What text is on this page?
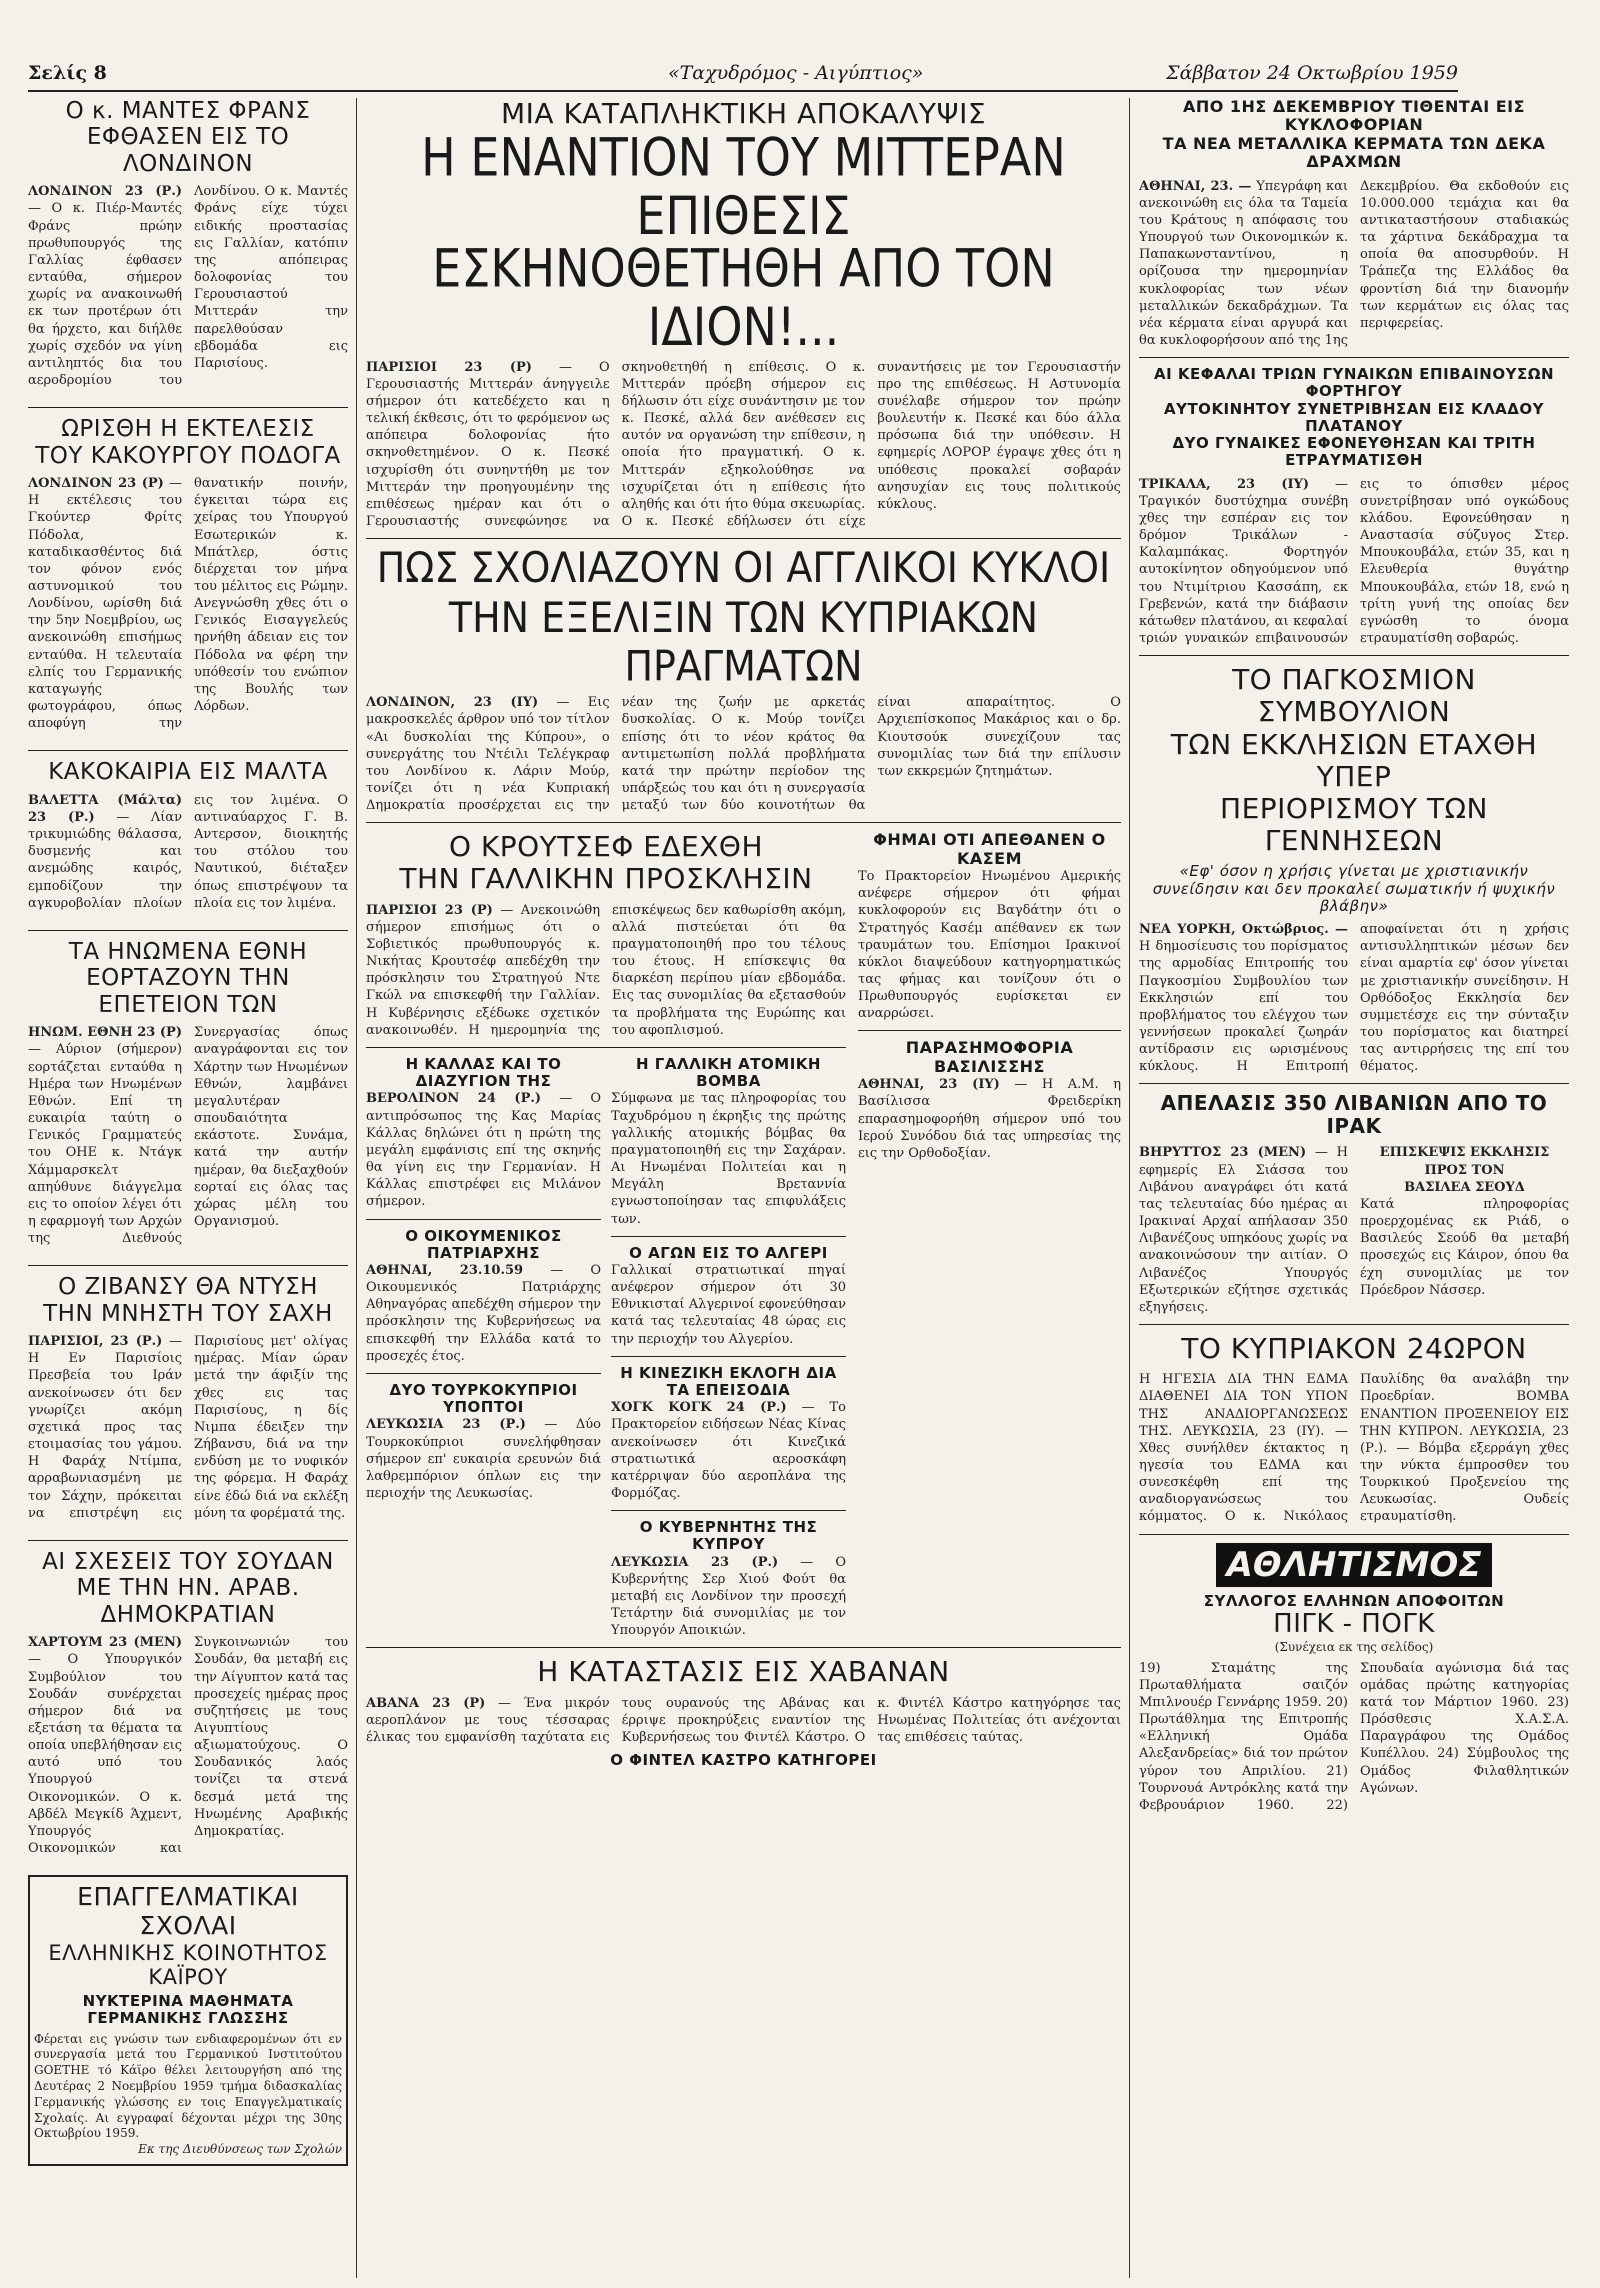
Σελίς 8	«Ταχυδρόμος - Αιγύπτιος»	Σάββατον 24 Οκτωβρίου 1959
Ο κ. ΜΑΝΤΕΣ ΦΡΑΝΣ
ΕΦΘΑΣΕΝ ΕΙΣ ΤΟ ΛΟΝΔΙΝΟΝ
ΛΟΝΔΙΝΟΝ 23 (Ρ.) — Ο κ. Πιέρ-Μαντές Φράνς πρώην πρωθυπουργός της Γαλλίας έφθασεν ενταύθα, σήμερον χωρίς να ανακοινωθή εκ των προτέρων ότι θα ήρχετο, και διήλθε χωρίς σχεδόν να γίνη αντιληπτός δια του αεροδρομίου του Λονδίνου. Ο κ. Μαντές Φράνς είχε τύχει ειδικής προστασίας εις Γαλλίαν, κατόπιν της απόπειρας δολοφονίας του Γερουσιαστού Μιττεράν την παρελθούσαν εβδομάδα εις Παρισίους.
ΩΡΙΣΘΗ Η ΕΚΤΕΛΕΣΙΣ
ΤΟΥ ΚΑΚΟΥΡΓΟΥ ΠΟΔΟΓΑ
ΛΟΝΔΙΝΟΝ 23 (Ρ) — Η εκτέλεσις του Γκούντερ Φρίτς Πόδολα, καταδικασθέντος διά τον φόνον ενός αστυνομικού του Λονδίνου, ωρίσθη διά την 5ην Νοεμβρίου, ως ανεκοινώθη επισήμως ενταύθα. Η τελευταία ελπίς του Γερμανικής καταγωγής φωτογράφου, όπως αποφύγη την θανατικήν ποινήν, έγκειται τώρα εις χείρας του Υπουργού Εσωτερικών κ. Μπάτλερ, όστις διέρχεται τον μήνα του μέλιτος εις Ρώμην. Ανεγνώσθη χθες ότι ο Γενικός Εισαγγελεύς ηρνήθη άδειαν εις τον Πόδολα να φέρη την υπόθεσίν του ενώπιον της Βουλής των Λόρδων.
ΚΑΚΟΚΑΙΡΙΑ ΕΙΣ ΜΑΛΤΑ
ΒΑΛΕΤΤΑ (Μάλτα) 23 (Ρ.) — Λίαν τρικυμιώδης θάλασσα, δυσμενής και ανεμώδης καιρός, εμποδίζουν την αγκυροβολίαν πλοίων εις τον λιμένα. Ο αντιναύαρχος Γ. Β. Αντερσον, διοικητής του στόλου του Ναυτικού, διέταξεν όπως επιστρέψουν τα πλοία εις τον λιμένα.
ΤΑ ΗΝΩΜΕΝΑ ΕΘΝΗ
ΕΟΡΤΑΖΟΥΝ ΤΗΝ ΕΠΕΤΕΙΟΝ ΤΩΝ
ΗΝΩΜ. ΕΘΝΗ 23 (Ρ) — Αύριον (σήμερον) εορτάζεται ενταύθα η Ημέρα των Ηνωμένων Εθνών. Επί τη ευκαιρία ταύτη ο Γενικός Γραμματεύς του ΟΗΕ κ. Ντάγκ Χάμμαρσκελτ απηύθυνε διάγγελμα εις το οποίον λέγει ότι η εφαρμογή των Αρχών της Διεθνούς Συνεργασίας όπως αναγράφονται εις τον Χάρτην των Ηνωμένων Εθνών, λαμβάνει μεγαλυτέραν σπουδαιότητα εκάστοτε. Συνάμα, κατά την αυτήν ημέραν, θα διεξαχθούν εορταί εις όλας τας χώρας μέλη του Οργανισμού.
Ο ΖΙΒΑΝΣΥ ΘΑ ΝΤΥΣΗ
ΤΗΝ ΜΝΗΣΤΗ ΤΟΥ ΣΑΧΗ
ΠΑΡΙΣΙΟΙ, 23 (Ρ.) — Η Εν Παρισίοις Πρεσβεία του Ιράν ανεκοίνωσεν ότι δεν γνωρίζει ακόμη σχετικά προς τας ετοιμασίας του γάμου. Η Φαράχ Ντίμπα, αρραβωνιασμένη με τον Σάχην, πρόκειται να επιστρέψη εις Παρισίους μετ' ολίγας ημέρας. Μίαν ώραν μετά την άφιξίν της χθες εις τας Παρισίους, η δίς Νιμπα έδειξεν την Ζήβανσυ, διά να την ενδύση με το νυφικόν της φόρεμα. Η Φαράχ είνε έδώ διά να εκλέξη μόνη τα φορέματά της.
ΑΙ ΣΧΕΣΕΙΣ ΤΟΥ ΣΟΥΔΑΝ
ΜΕ ΤΗΝ ΗΝ. ΑΡΑΒ. ΔΗΜΟΚΡΑΤΙΑΝ
ΧΑΡΤΟΥΜ 23 (ΜΕΝ) — Ο Υπουργικόν Συμβούλιον του Σουδάν συνέρχεται σήμερον διά να εξετάση τα θέματα τα οποία υπεβλήθησαν εις αυτό υπό του Υπουργού Οικονομικών. Ο κ. Αβδέλ Μεγκίδ Άχμεντ, Υπουργός Οικονομικών και Συγκοινωνιών του Σουδάν, θα μεταβή εις την Αίγυπτον κατά τας προσεχείς ημέρας προς συζητήσεις με τους Αιγυπτίους αξιωματούχους. Ο Σουδανικός λαός τονίζει τα στενά δεσμά μετά της Ηνωμένης Αραβικής Δημοκρατίας.
ΕΠΑΓΓΕΛΜΑΤΙΚΑΙ ΣΧΟΛΑΙ
ΕΛΛΗΝΙΚΗΣ ΚΟΙΝΟΤΗΤΟΣ ΚΑΪΡΟΥ
ΝΥΚΤΕΡΙΝΑ ΜΑΘΗΜΑΤΑ ΓΕΡΜΑΝΙΚΗΣ ΓΛΩΣΣΗΣ
Φέρεται εις γνώσιν των ενδιαφερομένων ότι εν συνεργασία μετά του Γερμανικού Ινστιτούτου GOETHE τό Κάϊρο θέλει λειτουργήση από της Δευτέρας 2 Νοεμβρίου 1959 τμήμα διδασκαλίας Γερμανικής γλώσσης εν τοις Επαγγελματικαίς Σχολαίς. Αι εγγραφαί δέχονται μέχρι της 30ης Οκτωβρίου 1959.
Εκ της Διευθύνσεως των Σχολών
ΜΙΑ ΚΑΤΑΠΛΗΚΤΙΚΗ ΑΠΟΚΑΛΥΨΙΣ
Η ΕΝΑΝΤΙΟΝ ΤΟΥ ΜΙΤΤΕΡΑΝ ΕΠΙΘΕΣΙΣ
ΕΣΚΗΝΟΘΕΤΗΘΗ ΑΠΟ ΤΟΝ ΙΔΙΟΝ!...
ΠΑΡΙΣΙΟΙ 23 (Ρ) — Ο Γερουσιαστής Μιττεράν άνηγγειλε σήμερον ότι κατεδέχετο και η τελική έκθεσις, ότι το φερόμενον ως απόπειρα δολοφονίας ήτο σκηνοθετημένον. Ο κ. Πεσκέ ισχυρίσθη ότι συνηντήθη με τον Μιττεράν την προηγουμένην της επιθέσεως ημέραν και ότι ο Γερουσιαστής συνεφώνησε να σκηνοθετηθή η επίθεσις. Ο κ. Μιττεράν πρόεβη σήμερον εις δήλωσιν ότι είχε συνάντησιν με τον κ. Πεσκέ, αλλά δεν ανέθεσεν εις αυτόν να οργανώση την επίθεσιν, η οποία ήτο πραγματική. Ο κ. Μιττεράν εξηκολούθησε να ισχυρίζεται ότι η επίθεσις ήτο αληθής και ότι ήτο θύμα σκευωρίας. Ο κ. Πεσκέ εδήλωσεν ότι είχε συναντήσεις με τον Γερουσιαστήν προ της επιθέσεως. Η Αστυνομία συνέλαβε σήμερον τον πρώην βουλευτήν κ. Πεσκέ και δύο άλλα πρόσωπα διά την υπόθεσιν. Η εφημερίς ΛΟΡΟΡ έγραψε χθες ότι η υπόθεσις προκαλεί σοβαράν ανησυχίαν εις τους πολιτικούς κύκλους.
ΠΩΣ ΣΧΟΛΙΑΖΟΥΝ ΟΙ ΑΓΓΛΙΚΟΙ ΚΥΚΛΟΙ
ΤΗΝ ΕΞΕΛΙΞΙΝ ΤΩΝ ΚΥΠΡΙΑΚΩΝ ΠΡΑΓΜΑΤΩΝ
ΛΟΝΔΙΝΟΝ, 23 (ΙΥ) — Εις μακροσκελές άρθρον υπό τον τίτλον «Αι δυσκολίαι της Κύπρου», ο συνεργάτης του Ντέιλι Τελέγκραφ του Λονδίνου κ. Λάριν Μούρ, τονίζει ότι η νέα Κυπριακή Δημοκρατία προσέρχεται εις την νέαν της ζωήν με αρκετάς δυσκολίας. Ο κ. Μούρ τονίζει επίσης ότι το νέον κράτος θα αντιμετωπίση πολλά προβλήματα κατά την πρώτην περίοδον της υπάρξεώς του και ότι η συνεργασία μεταξύ των δύο κοινοτήτων θα είναι απαραίτητος. Ο Αρχιεπίσκοπος Μακάριος και ο δρ. Κιουτσούκ συνεχίζουν τας συνομιλίας των διά την επίλυσιν των εκκρεμών ζητημάτων.
Ο ΚΡΟΥΤΣΕΦ ΕΔΕΧΘΗ
ΤΗΝ ΓΑΛΛΙΚΗΝ ΠΡΟΣΚΛΗΣΙΝ
ΠΑΡΙΣΙΟΙ 23 (Ρ) — Ανεκοινώθη σήμερον επισήμως ότι ο Σοβιετικός πρωθυπουργός κ. Νικήτας Κρουτσέφ απεδέχθη την πρόσκλησιν του Στρατηγού Ντε Γκώλ να επισκεφθή την Γαλλίαν. Η Κυβέρνησις εξέδωκε σχετικόν ανακοινωθέν. Η ημερομηνία της επισκέψεως δεν καθωρίσθη ακόμη, αλλά πιστεύεται ότι θα πραγματοποιηθή προ του τέλους του έτους. Η επίσκεψις θα διαρκέση περίπου μίαν εβδομάδα. Εις τας συνομιλίας θα εξετασθούν τα προβλήματα της Ευρώπης και του αφοπλισμού.
Η ΚΑΛΛΑΣ ΚΑΙ ΤΟ ΔΙΑΖΥΓΙΟΝ ΤΗΣ
ΒΕΡΟΛΙΝΟΝ 24 (Ρ.) — Ο αντιπρόσωπος της Κας Μαρίας Κάλλας δηλώνει ότι η πρώτη της μεγάλη εμφάνισις επί της σκηνής θα γίνη εις την Γερμανίαν. Η Κάλλας επιστρέφει εις Μιλάνον σήμερον.
Ο ΟΙΚΟΥΜΕΝΙΚΟΣ ΠΑΤΡΙΑΡΧΗΣ
ΑΘΗΝΑΙ, 23.10.59 — Ο Οικουμενικός Πατριάρχης Αθηναγόρας απεδέχθη σήμερον την πρόσκλησιν της Κυβερνήσεως να επισκεφθή την Ελλάδα κατά το προσεχές έτος.
ΔΥΟ ΤΟΥΡΚΟΚΥΠΡΙΟΙ ΥΠΟΠΤΟΙ
ΛΕΥΚΩΣΙΑ 23 (Ρ.) — Δύο Τουρκοκύπριοι συνελήφθησαν σήμερον επ' ευκαιρία ερευνών διά λαθρεμπόριον όπλων εις την περιοχήν της Λευκωσίας.
Η ΓΑΛΛΙΚΗ ΑΤΟΜΙΚΗ ΒΟΜΒΑ
Σύμφωνα με τας πληροφορίας του Ταχυδρόμου η έκρηξις της πρώτης γαλλικής ατομικής βόμβας θα πραγματοποιηθή εις την Σαχάραν. Αι Ηνωμέναι Πολιτείαι και η Μεγάλη Βρεταννία εγνωστοποίησαν τας επιφυλάξεις των.
Ο ΑΓΩΝ ΕΙΣ ΤΟ ΑΛΓΕΡΙ
Γαλλικαί στρατιωτικαί πηγαί ανέφερον σήμερον ότι 30 Εθνικισταί Αλγερινοί εφονεύθησαν κατά τας τελευταίας 48 ώρας εις την περιοχήν του Αλγερίου.
Η ΚΙΝΕΖΙΚΗ ΕΚΛΟΓΗ ΔΙΑ ΤΑ ΕΠΕΙΣΟΔΙΑ
ΧΟΓΚ ΚΟΓΚ 24 (Ρ.) — Το Πρακτορείον ειδήσεων Νέας Κίνας ανεκοίνωσεν ότι Κινεζικά στρατιωτικά αεροσκάφη κατέρριψαν δύο αεροπλάνα της Φορμόζας.
Ο ΚΥΒΕΡΝΗΤΗΣ ΤΗΣ ΚΥΠΡΟΥ
ΛΕΥΚΩΣΙΑ 23 (Ρ.) — Ο Κυβερνήτης Σερ Χιού Φούτ θα μεταβή εις Λονδίνον την προσεχή Τετάρτην διά συνομιλίας με τον Υπουργόν Αποικιών.
ΦΗΜΑΙ ΟΤΙ ΑΠΕΘΑΝΕΝ Ο ΚΑΣΕΜ
Το Πρακτορείον Ηνωμένου Αμερικής ανέφερε σήμερον ότι φήμαι κυκλοφορούν εις Βαγδάτην ότι ο Στρατηγός Κασέμ απέθανεν εκ των τραυμάτων του. Επίσημοι Ιρακινοί κύκλοι διαψεύδουν κατηγορηματικώς τας φήμας και τονίζουν ότι ο Πρωθυπουργός ευρίσκεται εν αναρρώσει.
ΠΑΡΑΣΗΜΟΦΟΡΙΑ ΒΑΣΙΛΙΣΣΗΣ
ΑΘΗΝΑΙ, 23 (ΙΥ) — Η Α.Μ. η Βασίλισσα Φρειδερίκη επαρασημοφορήθη σήμερον υπό του Ιερού Συνόδου διά τας υπηρεσίας της εις την Ορθοδοξίαν.
Η ΚΑΤΑΣΤΑΣΙΣ ΕΙΣ ΧΑΒΑΝΑΝ
ΑΒΑΝΑ 23 (Ρ) — Ένα μικρόν αεροπλάνον με τους τέσσαρας έλικας του εμφανίσθη ταχύτατα εις τους ουρανούς της Αβάνας και έρριψε προκηρύξεις εναντίον της Κυβερνήσεως του Φιντέλ Κάστρο. Ο κ. Φιντέλ Κάστρο κατηγόρησε τας Ηνωμένας Πολιτείας ότι ανέχονται τας επιθέσεις ταύτας.
Ο ΦΙΝΤΕΛ ΚΑΣΤΡΟ ΚΑΤΗΓΟΡΕΙ
ΑΠΟ 1ΗΣ ΔΕΚΕΜΒΡΙΟΥ ΤΙΘΕΝΤΑΙ ΕΙΣ ΚΥΚΛΟΦΟΡΙΑΝ
ΤΑ ΝΕΑ ΜΕΤΑΛΛΙΚΑ ΚΕΡΜΑΤΑ ΤΩΝ ΔΕΚΑ ΔΡΑΧΜΩΝ
ΑΘΗΝΑΙ, 23. — Υπεγράφη και ανεκοινώθη εις όλα τα Ταμεία του Κράτους η απόφασις του Υπουργού των Οικονομικών κ. Παπακωνσταντίνου, η ορίζουσα την ημερομηνίαν κυκλοφορίας των νέων μεταλλικών δεκαδράχμων. Τα νέα κέρματα είναι αργυρά και θα κυκλοφορήσουν από της 1ης Δεκεμβρίου. Θα εκδοθούν εις 10.000.000 τεμάχια και θα αντικαταστήσουν σταδιακώς τα χάρτινα δεκάδραχμα τα οποία θα αποσυρθούν. Η Τράπεζα της Ελλάδος θα φροντίση διά την διανομήν των κερμάτων εις όλας τας περιφερείας.
ΑΙ ΚΕΦΑΛΑΙ ΤΡΙΩΝ ΓΥΝΑΙΚΩΝ ΕΠΙΒΑΙΝΟΥΣΩΝ ΦΟΡΤΗΓΟΥ
ΑΥΤΟΚΙΝΗΤΟΥ ΣΥΝΕΤΡΙΒΗΣΑΝ ΕΙΣ ΚΛΑΔΟΥ ΠΛΑΤΑΝΟΥ
ΔΥΟ ΓΥΝΑΙΚΕΣ ΕΦΟΝΕΥΘΗΣΑΝ ΚΑΙ ΤΡΙΤΗ ΕΤΡΑΥΜΑΤΙΣΘΗ
ΤΡΙΚΑΛΑ, 23 (ΙΥ) — Τραγικόν δυστύχημα συνέβη χθες την εσπέραν εις τον δρόμον Τρικάλων - Καλαμπάκας. Φορτηγόν αυτοκίνητον οδηγούμενον υπό του Ντιμίτριου Κασσάπη, εκ Γρεβενών, κατά την διάβασιν κάτωθεν πλατάνου, αι κεφαλαί τριών γυναικών επιβαινουσών εις το όπισθεν μέρος συνετρίβησαν υπό ογκώδους κλάδου. Εφονεύθησαν η Αναστασία σύζυγος Στερ. Μπουκουβάλα, ετών 35, και η Ελευθερία θυγάτηρ Μπουκουβάλα, ετών 18, ενώ η τρίτη γυνή της οποίας δεν εγνώσθη το όνομα ετραυματίσθη σοβαρώς.
ΤΟ ΠΑΓΚΟΣΜΙΟΝ ΣΥΜΒΟΥΛΙΟΝ
ΤΩΝ ΕΚΚΛΗΣΙΩΝ ΕΤΑΧΘΗ ΥΠΕΡ
ΠΕΡΙΟΡΙΣΜΟΥ ΤΩΝ ΓΕΝΝΗΣΕΩΝ
«Εφ' όσον η χρήσις γίνεται με χριστιανικήν συνείδησιν και δεν προκαλεί σωματικήν ή ψυχικήν βλάβην»
ΝΕΑ ΥΟΡΚΗ, Οκτώβριος. — Η δημοσίευσις του πορίσματος της αρμοδίας Επιτροπής του Παγκοσμίου Συμβουλίου των Εκκλησιών επί του προβλήματος του ελέγχου των γεννήσεων προκαλεί ζωηράν αντίδρασιν εις ωρισμένους κύκλους. Η Επιτροπή αποφαίνεται ότι η χρήσις αντισυλληπτικών μέσων δεν είναι αμαρτία εφ' όσον γίνεται με χριστιανικήν συνείδησιν. Η Ορθόδοξος Εκκλησία δεν συμμετέσχε εις την σύνταξιν του πορίσματος και διατηρεί τας αντιρρήσεις της επί του θέματος.
ΑΠΕΛΑΣΙΣ 350 ΛΙΒΑΝΙΩΝ ΑΠΟ ΤΟ ΙΡΑΚ
ΒΗΡΥΤΤΟΣ 23 (ΜΕΝ) — Η εφημερίς Ελ Σιάσσα του Λιβάνου αναγράφει ότι κατά τας τελευταίας δύο ημέρας αι Ιρακιναί Αρχαί απήλασαν 350 Λιβανέζους υπηκόους χωρίς να ανακοινώσουν την αιτίαν. Ο Λιβανέζος Υπουργός Εξωτερικών εζήτησε σχετικάς εξηγήσεις.
ΕΠΙΣΚΕΨΙΣ ΕΚΚΛΗΣΙΣ ΠΡΟΣ ΤΟΝ
ΒΑΣΙΛΕΑ ΣΕΟΥΔ
Κατά πληροφορίας προερχομένας εκ Ριάδ, ο Βασιλεύς Σεούδ θα μεταβή προσεχώς εις Κάιρον, όπου θα έχη συνομιλίας με τον Πρόεδρον Νάσσερ.
ΤΟ ΚΥΠΡΙΑΚΟΝ 24ΩΡΟΝ
Η ΗΓΕΣΙΑ ΔΙΑ ΤΗΝ ΕΔΜΑ ΔΙΑΘΕΝΕΙ ΔΙΑ ΤΟΝ ΥΠΟΝ ΤΗΣ ΑΝΑΔΙΟΡΓΑΝΩΣΕΩΣ ΤΗΣ. ΛΕΥΚΩΣΙΑ, 23 (ΙΥ). — Χθες συνήλθεν έκτακτος η ηγεσία του ΕΔΜΑ και συνεσκέφθη επί της αναδιοργανώσεως του κόμματος. Ο κ. Νικόλαος Παυλίδης θα αναλάβη την Προεδρίαν. ΒΟΜΒΑ ΕΝΑΝΤΙΟΝ ΠΡΟΞΕΝΕΙΟΥ ΕΙΣ ΤΗΝ ΚΥΠΡΟΝ. ΛΕΥΚΩΣΙΑ, 23 (Ρ.). — Βόμβα εξερράγη χθες την νύκτα έμπροσθεν του Τουρκικού Προξενείου της Λευκωσίας. Ουδείς ετραυματίσθη.
ΑΘΛΗΤΙΣΜΟΣ
ΣΥΛΛΟΓΟΣ ΕΛΛΗΝΩΝ ΑΠΟΦΟΙΤΩΝ
ΠΙΓΚ - ΠΟΓΚ
(Συνέχεια εκ της σελίδος)
19) Σταμάτης της Πρωταθλήματα σαιζόν Μπιλνουέρ Γεννάρης 1959. 20) Πρωτάθλημα της Επιτροπής «Ελληνική Ομάδα Αλεξανδρείας» διά τον πρώτον γύρον του Απριλίου. 21) Τουρνουά Αντρόκλης κατά την Φεβρουάριον 1960. 22) Σπουδαία αγώνισμα διά τας ομάδας πρώτης κατηγορίας κατά τον Μάρτιον 1960. 23) Πρόσθεσις Χ.Α.Σ.Α. Παραγράφου της Ομάδος Κυπέλλου. 24) Σύμβουλος της Ομάδος Φιλαθλητικών Αγώνων.
